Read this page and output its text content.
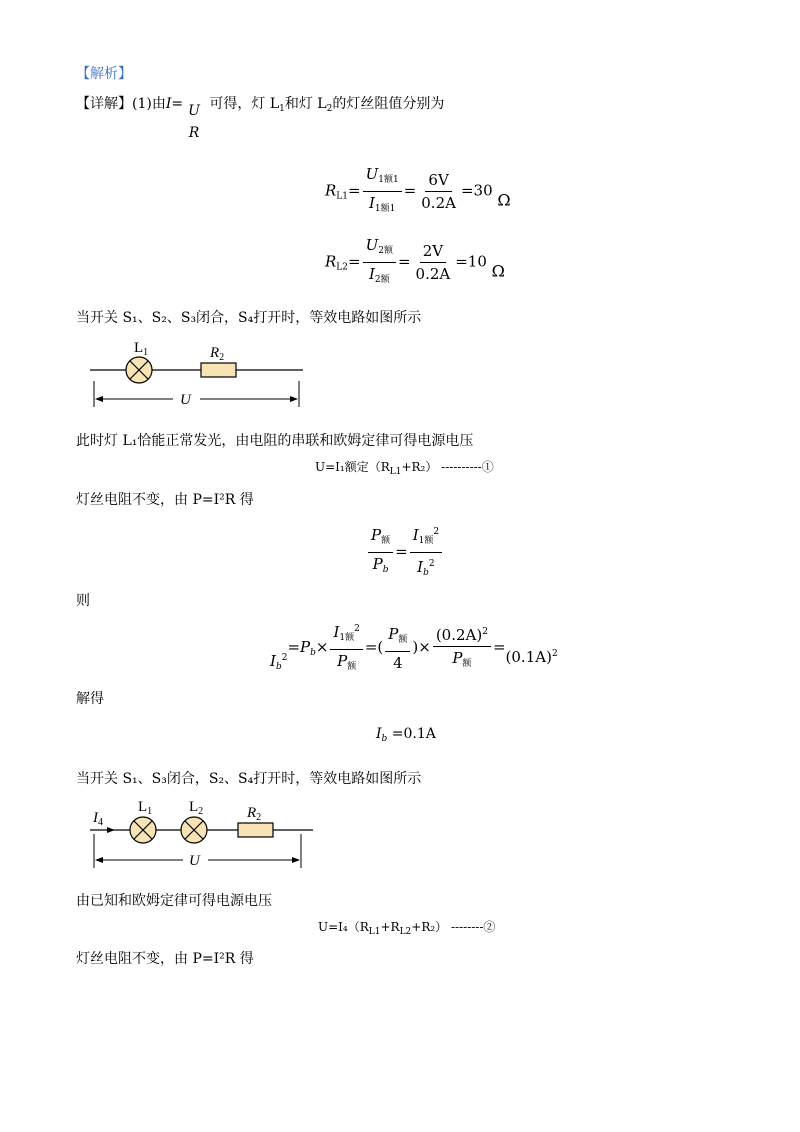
【解析】
【详解】(1)由I= U
R
可得，灯 $L_1$和灯 $L_2$的灯丝阻值分别为
$R_{L1}= \frac{U_{1额1}}{I_{1额1}} = \frac{6V}{0.2A} =30$ Ω
$R_{L2}= \frac{U_{2额}}{I_{2额}} = \frac{2V}{0.2A} =10$ Ω
当开关 S₁、S₂、S₃闭合，S₄打开时，等效电路如图所示
$L_1$	$R_2$
U
此时灯 L₁恰能正常发光，由电阻的串联和欧姆定律可得电源电压
U=I₁额定$(R_{L1}+R_2)$ ----------①
灯丝电阻不变，由 P=I²R 得
$\frac{P_额}{P_b} = \frac{I_{1额}^2}{I_b^2}$
则
$I_b^2=P_b\times \frac{I_{1额}^2}{P_额}$ =( $\frac{P_额}{4}$ )× $\frac{(0.2A)^2}{P_额} =(0.1A)^2$
解得
$I_b =0.1A$
当开关 S₁、S₃闭合，S₂、S₄打开时，等效电路如图所示
$I_4$
$L_1$ $L_2$	$R_2$
U
由已知和欧姆定律可得电源电压
$U=I_4(R_{L1}+R_{L2}+R_2)$ --------②
灯丝电阻不变，由 P=I²R 得
